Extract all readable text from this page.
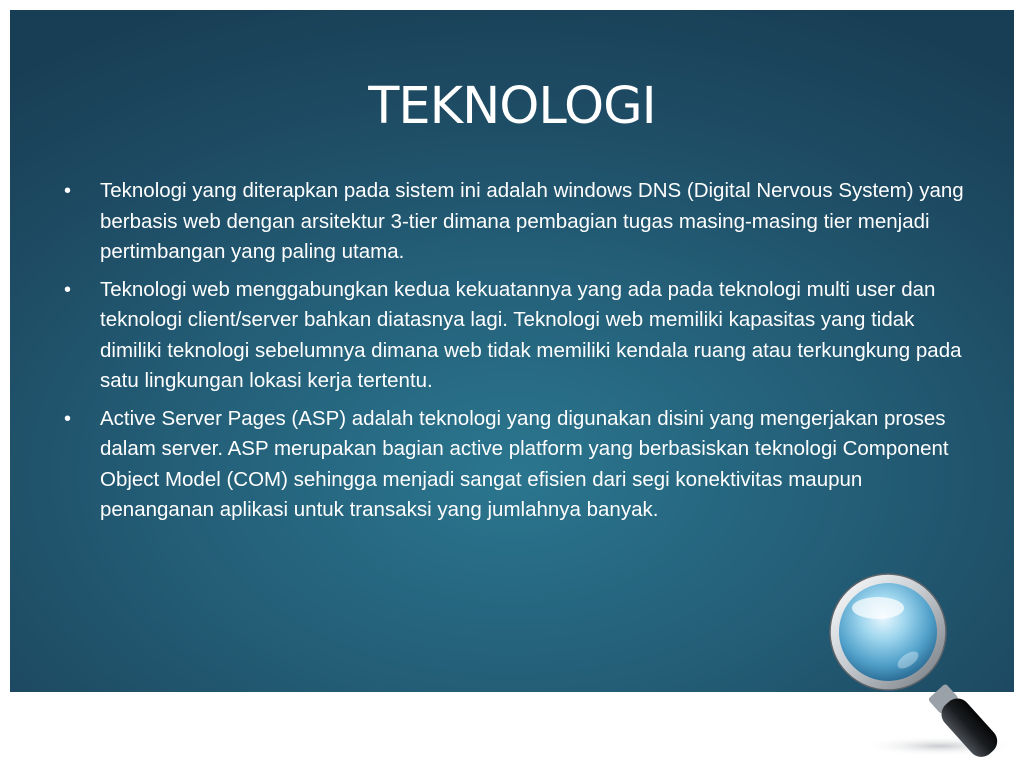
TEKNOLOGI
• Teknologi yang diterapkan pada sistem ini adalah windows DNS (Digital Nervous System) yang berbasis web dengan arsitektur 3-tier dimana pembagian tugas masing-masing tier menjadi pertimbangan yang paling utama.
• Teknologi web menggabungkan kedua kekuatannya yang ada pada teknologi multi user dan teknologi client/server bahkan diatasnya lagi. Teknologi web memiliki kapasitas yang tidak dimiliki teknologi sebelumnya dimana web tidak memiliki kendala ruang atau terkungkung pada satu lingkungan lokasi kerja tertentu.
• Active Server Pages (ASP) adalah teknologi yang digunakan disini yang mengerjakan proses dalam server. ASP merupakan bagian active platform yang berbasiskan teknologi Component Object Model (COM) sehingga menjadi sangat efisien dari segi konektivitas maupun penanganan aplikasi untuk transaksi yang jumlahnya banyak.
